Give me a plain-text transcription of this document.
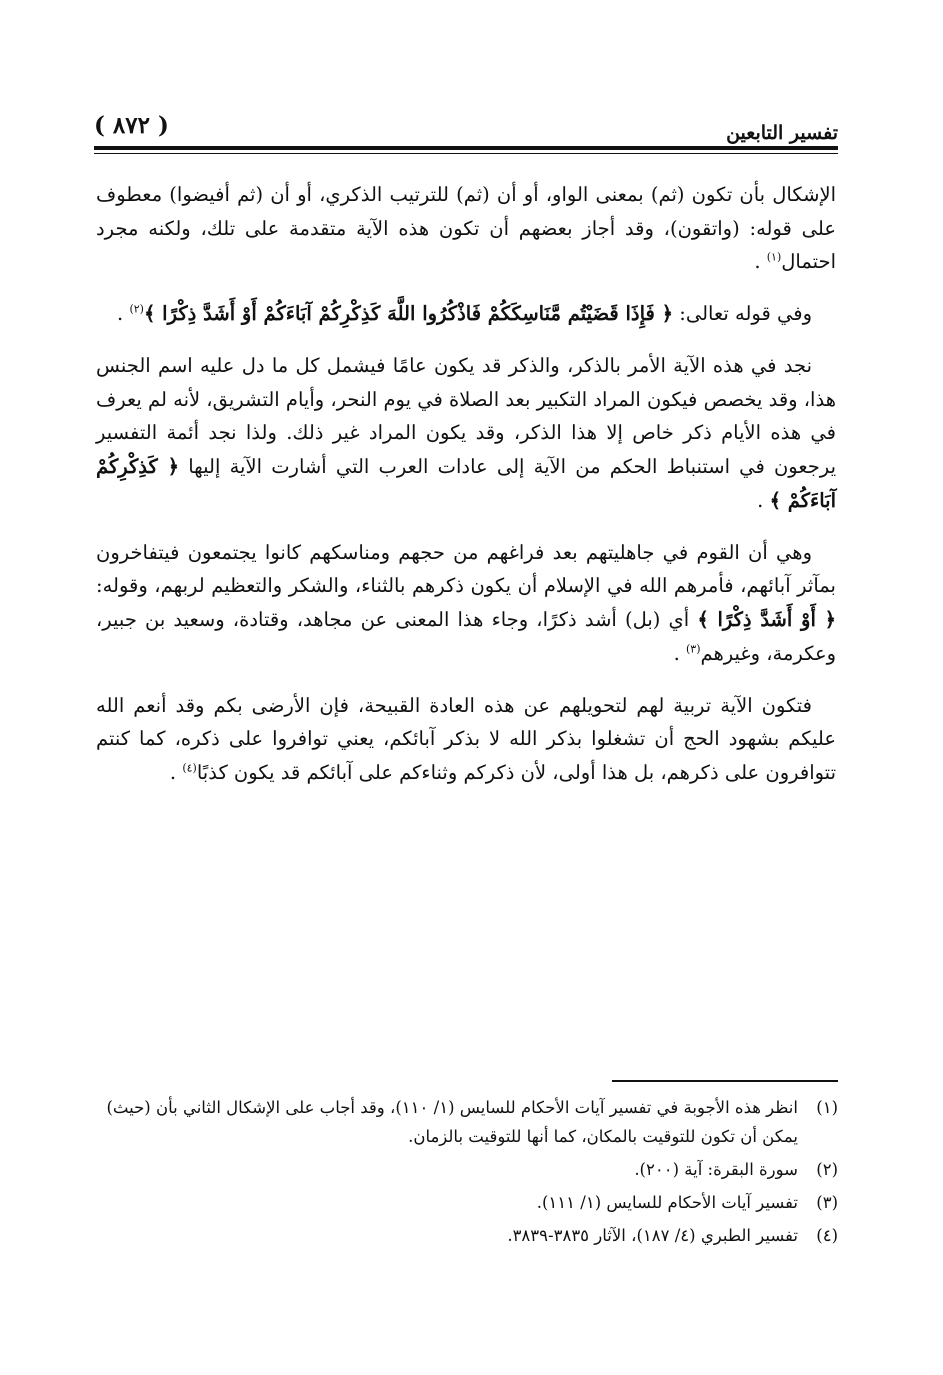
( ٨٧٢ )	تفسير التابعين

الإشكال بأن تكون (ثم) بمعنى الواو، أو أن (ثم) للترتيب الذكري، أو أن (ثم أفيضوا) معطوف على قوله: (واتقون)، وقد أجاز بعضهم أن تكون هذه الآية متقدمة على تلك، ولكنه مجرد احتمال$^{(١)}$ .

وفي قوله تعالى: ﴿ فَإِذَا قَضَيْتُم مَّنَاسِكَكُمْ فَاذْكُرُوا اللَّهَ كَذِكْرِكُمْ آبَاءَكُمْ أَوْ أَشَدَّ ذِكْرًا ﴾$^{(٢)}$ .

نجد في هذه الآية الأمر بالذكر، والذكر قد يكون عامًا فيشمل كل ما دل عليه اسم الجنس هذا، وقد يخصص فيكون المراد التكبير بعد الصلاة في يوم النحر، وأيام التشريق، لأنه لم يعرف في هذه الأيام ذكر خاص إلا هذا الذكر، وقد يكون المراد غير ذلك. ولذا نجد أئمة التفسير يرجعون في استنباط الحكم من الآية إلى عادات العرب التي أشارت الآية إليها ﴿ كَذِكْرِكُمْ آبَاءَكُمْ ﴾ .

وهي أن القوم في جاهليتهم بعد فراغهم من حجهم ومناسكهم كانوا يجتمعون فيتفاخرون بمآثر آبائهم، فأمرهم الله في الإسلام أن يكون ذكرهم بالثناء، والشكر والتعظيم لربهم، وقوله: ﴿ أَوْ أَشَدَّ ذِكْرًا ﴾ أي (بل) أشد ذكرًا، وجاء هذا المعنى عن مجاهد، وقتادة، وسعيد بن جبير، وعكرمة، وغيرهم$^{(٣)}$ .

فتكون الآية تربية لهم لتحويلهم عن هذه العادة القبيحة، فإن الأرضى بكم وقد أنعم الله عليكم بشهود الحج أن تشغلوا بذكر الله لا بذكر آبائكم، يعني توافروا على ذكره، كما كنتم تتوافرون على ذكرهم، بل هذا أولى، لأن ذكركم وثناءكم على آبائكم قد يكون كذبًا$^{(٤)}$ .

(١)
انظر هذه الأجوبة في تفسير آيات الأحكام للسايس (١/ ١١٠)، وقد أجاب على الإشكال الثاني بأن (حيث) يمكن أن تكون للتوقيت بالمكان، كما أنها للتوقيت بالزمان.
(٢)
سورة البقرة: آية (٢٠٠).
(٣)
تفسير آيات الأحكام للسايس (١/ ١١١).
(٤)
تفسير الطبري (٤/ ١٨٧)، الآثار ٣٨٣٥-٣٨٣٩.
